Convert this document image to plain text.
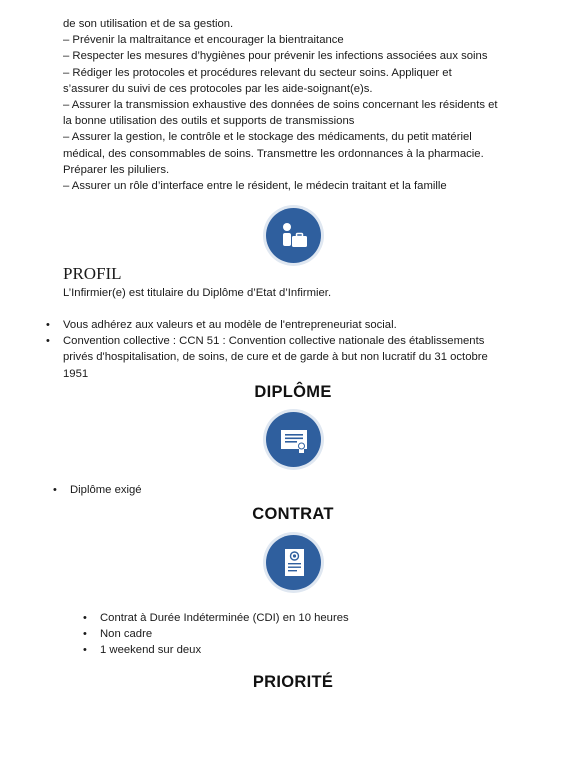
de son utilisation et de sa gestion.
– Prévenir la maltraitance et encourager la bientraitance
– Respecter les mesures d’hygiènes pour prévenir les infections associées aux soins
– Rédiger les protocoles et procédures relevant du secteur soins. Appliquer et
s’assurer du suivi de ces protocoles par les aide-soignant(e)s.
– Assurer la transmission exhaustive des données de soins concernant les résidents et
la bonne utilisation des outils et supports de transmissions
– Assurer la gestion, le contrôle et le stockage des médicaments, du petit matériel
médical, des consommables de soins. Transmettre les ordonnances à la pharmacie.
Préparer les piluliers.
– Assurer un rôle d’interface entre le résident, le médecin traitant et la famille
PROFIL
L’Infirmier(e) est titulaire du Diplôme d’Etat d’Infirmier.
• Vous adhérez aux valeurs et au modèle de l'entrepreneuriat social.
• Convention collective : CCN 51 : Convention collective nationale des établissements
privés d'hospitalisation, de soins, de cure et de garde à but non lucratif du 31 octobre
1951
DIPLÔME
• Diplôme exigé
CONTRAT
• Contrat à Durée Indéterminée (CDI) en 10 heures
• Non cadre
• 1 weekend sur deux
PRIORITÉ
